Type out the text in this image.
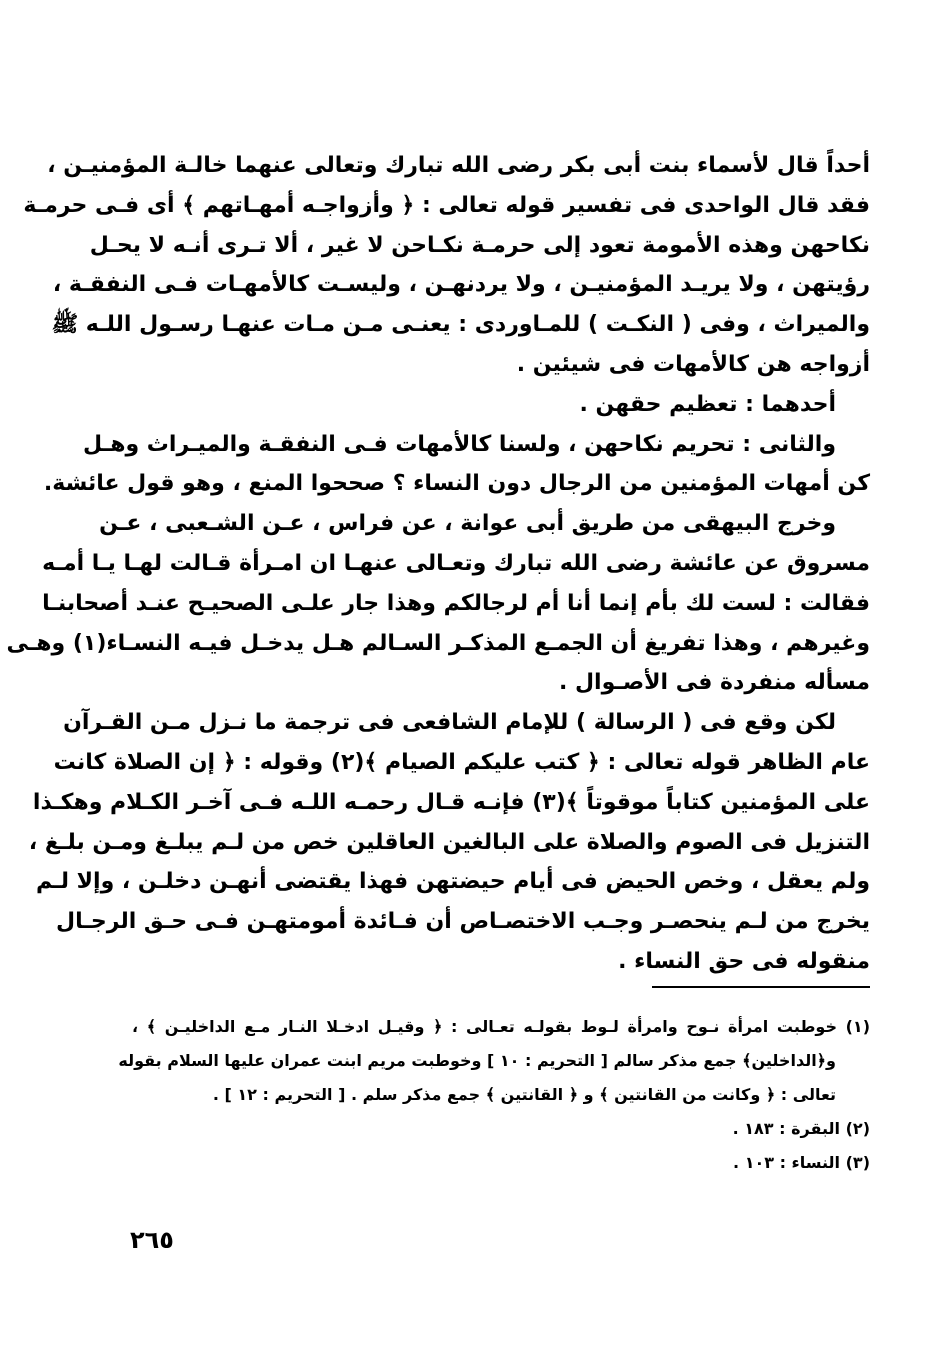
أحداً قال لأسماء بنت أبى بكر رضى الله تبارك وتعالى عنهما خالـة المؤمنيـن ،
فقد قال الواحدى فى تفسير قوله تعالى : ﴿ وأزواجـه أمهـاتهم ﴾ أى فـى حرمـة
نكاحهن وهذه الأمومة تعود إلى حرمـة نكـاحن لا غير ، ألا تـرى أنـه لا يحـل
رؤيتهن ، ولا يريـد المؤمنيـن ، ولا يردنهـن ، وليسـت كالأمهـات فـى النفقـة ،
والميراث ، وفى ( النكـت ) للمـاوردى : يعنـى مـن مـات عنهـا رسـول اللـه ﷺ
أزواجه هن كالأمهات فى شيئين .
أحدهما : تعظيم حقهن .
والثانى : تحريم نكاحهن ، ولسنا كالأمهات فـى النفقـة والميـراث وهـل
كن أمهات المؤمنين من الرجال دون النساء ؟ صححوا المنع ، وهو قول عائشة.
وخرج البيهقى من طريق أبى عوانة ، عن فراس ، عـن الشـعبى ، عـن
مسروق عن عائشة رضى الله تبارك وتعـالى عنهـا ان امـرأة قـالت لهـا يـا أمـه
فقالت : لست لك بأم إنما أنا أم لرجالكم وهذا جار علـى الصحيـح عنـد أصحابنـا
وغيرهم ، وهذا تفريغ أن الجمـع المذكـر السـالم هـل يدخـل فيـه النسـاء(١) وهـى
مسأله منفردة فى الأصـوال .
لكن وقع فى ( الرسالة ) للإمام الشافعى فى ترجمة ما نـزل مـن القـرآن
عام الظاهر قوله تعالى : ﴿ كتب عليكم الصيام ﴾(٢) وقوله : ﴿ إن الصلاة كانت
على المؤمنين كتاباً موقوتاً ﴾(٣) فإنـه قـال رحمـه اللـه فـى آخـر الكـلام وهكـذا
التنزيل فى الصوم والصلاة على البالغين العاقلين خص من لـم يبلـغ ومـن بلـغ ،
ولم يعقل ، وخص الحيض فى أيام حيضتهن فهذا يقتضى أنهـن دخلـن ، وإلا لـم
يخرج من لـم ينحصـر وجـب الاختصـاص أن فـائدة أمومتهـن فـى حـق الرجـال
منقوله فى حق النساء .
(١) خوطبت امرأة نـوح وامرأة لـوط بقولـه تعـالى : ﴿ وقيـل ادخـلا النـار مـع الداخليـن ﴾ ،
و﴿الداخلين﴾ جمع مذكر سالم [ التحريم : ١٠ ] وخوطبت مريم ابنت عمران عليها السلام بقوله
تعالى : ﴿ وكانت من القانتين ﴾ و ﴿ القانتين ﴾ جمع مذكر سلم . [ التحريم : ١٢ ] .
(٢) البقرة : ١٨٣ .
(٣) النساء : ١٠٣ .
٢٦٥
